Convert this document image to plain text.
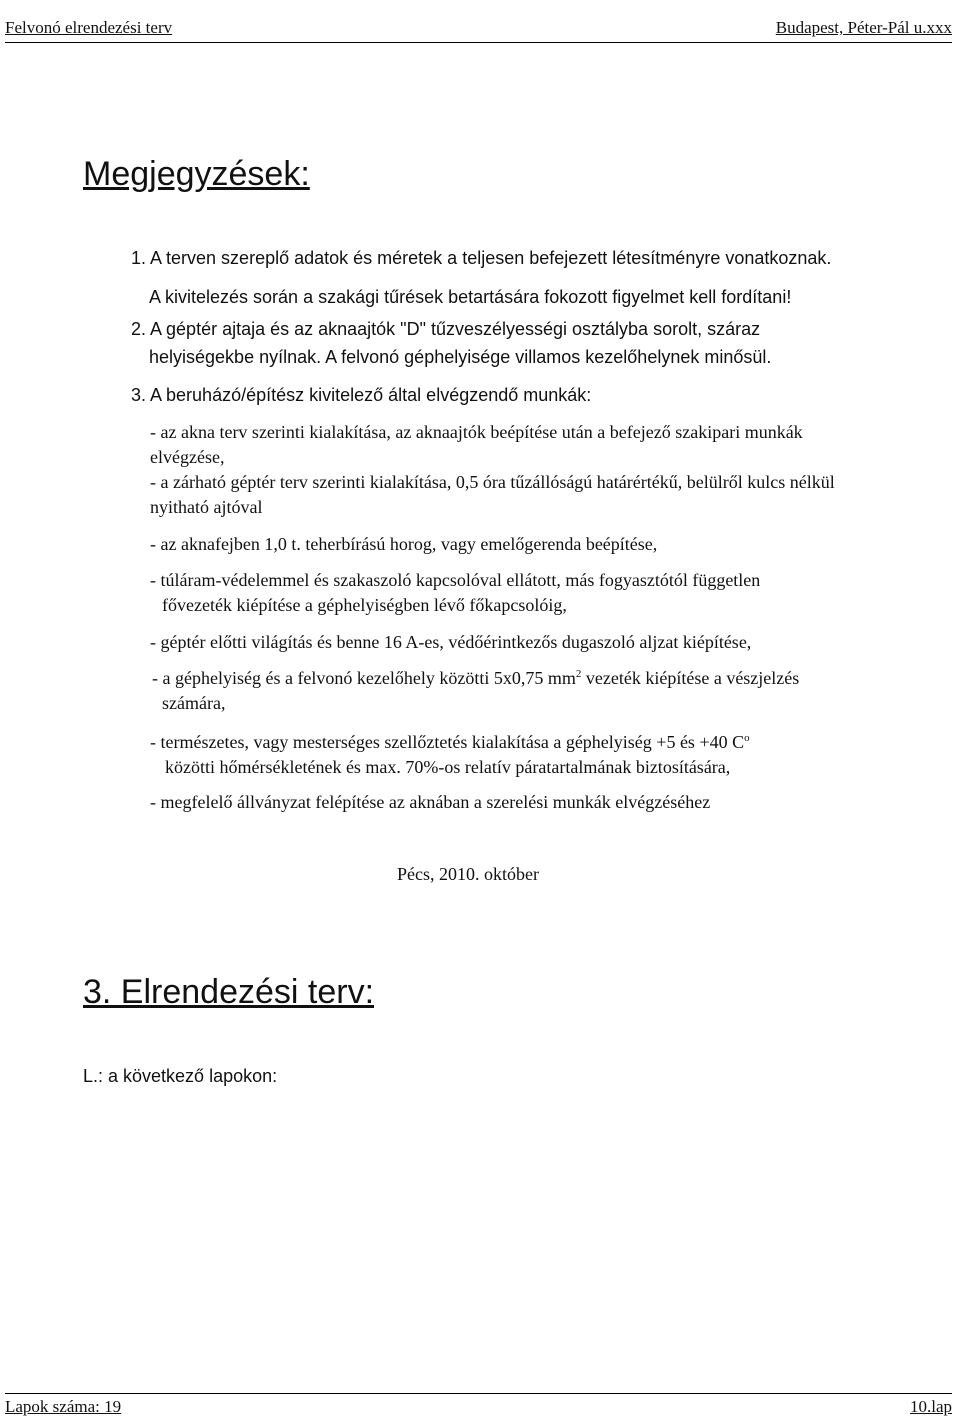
Felvonó elrendezési terv	Budapest, Péter-Pál u.xxx
Megjegyzések:
1. A terven szereplő adatok és méretek a teljesen befejezett létesítményre vonatkoznak.
A kivitelezés során a szakági tűrések betartására fokozott figyelmet kell fordítani!
2. A géptér ajtaja és az aknaajtók "D" tűzveszélyességi osztályba sorolt, száraz
helyiségekbe nyílnak. A felvonó géphelyisége villamos kezelőhelynek minősül.
3. A beruházó/építész kivitelező által elvégzendő munkák:
- az akna terv szerinti kialakítása, az aknaajtók beépítése után a befejező szakipari munkák
elvégzése,
- a zárható géptér terv szerinti kialakítása, 0,5 óra tűzállóságú határértékű, belülről kulcs nélkül
nyitható ajtóval
- az aknafejben 1,0 t. teherbírású horog, vagy emelőgerenda beépítése,
- túláram-védelemmel és szakaszoló kapcsolóval ellátott, más fogyasztótól független
fővezeték kiépítése a géphelyiségben lévő főkapcsolóig,
- géptér előtti világítás és benne 16 A-es, védőérintkezős dugaszoló aljzat kiépítése,
- a géphelyiség és a felvonó kezelőhely közötti 5x0,75 $mm^2$ vezeték kiépítése a vészjelzés
számára,
- természetes, vagy mesterséges szellőztetés kialakítása a géphelyiség +5 és +40 $C^o$
közötti hőmérsékletének és max. 70%-os relatív páratartalmának biztosítására,
- megfelelő állványzat felépítése az aknában a szerelési munkák elvégzéséhez
Pécs, 2010. október
3. Elrendezési terv:
L.: a következő lapokon:
Lapok száma: 19	10.lap
